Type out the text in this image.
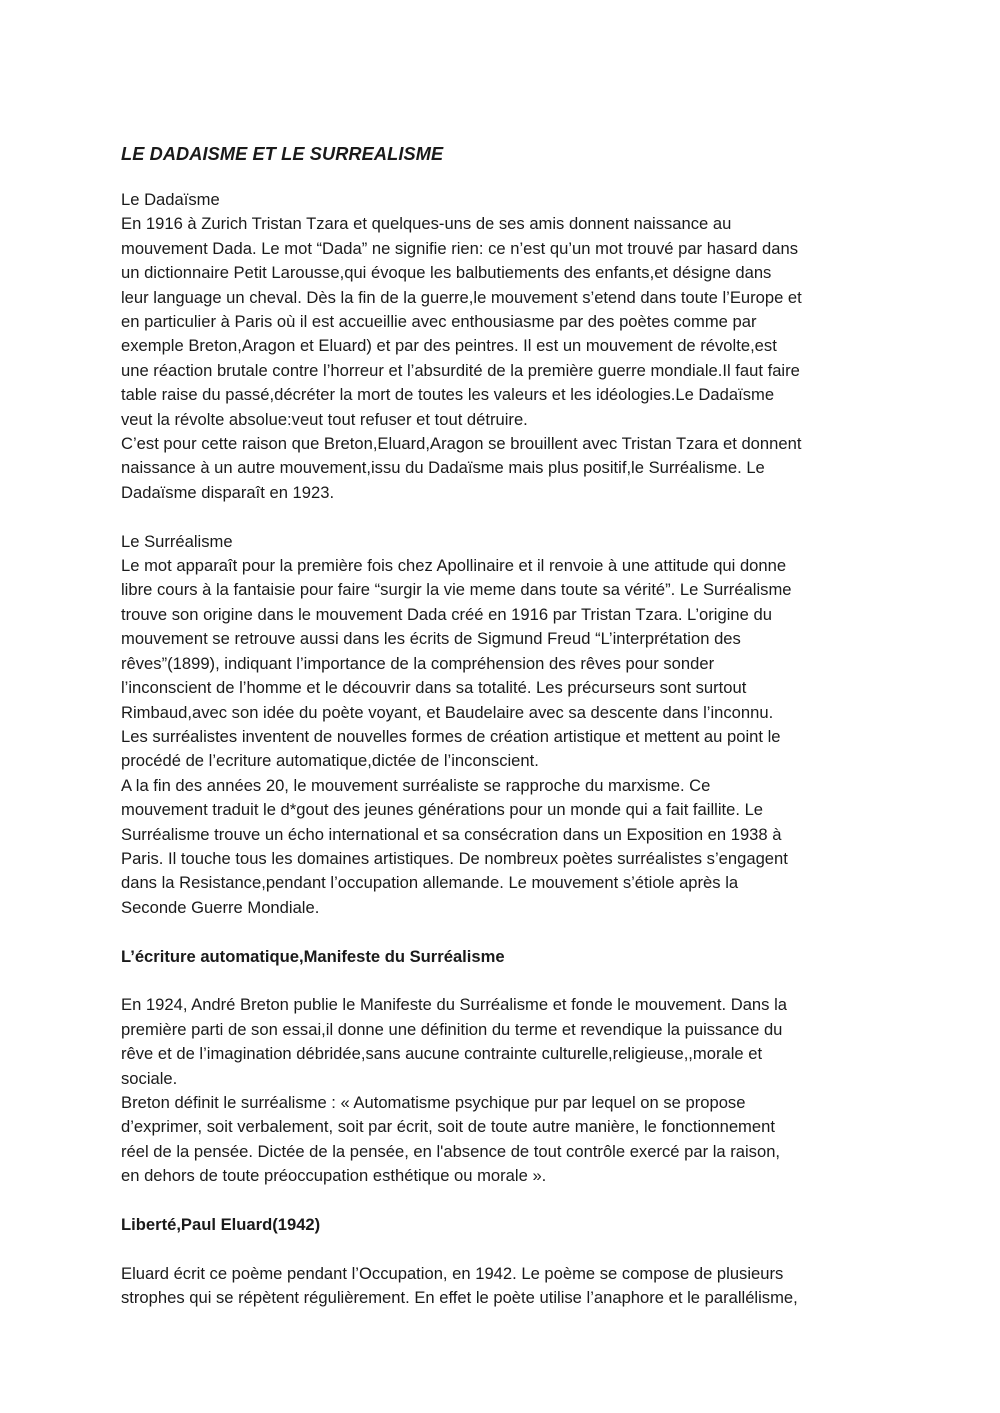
LE DADAISME ET LE SURREALISME
Le Dadaïsme
En 1916 à Zurich Tristan Tzara et quelques-uns de ses amis donnent naissance au
mouvement Dada. Le mot “Dada” ne signifie rien: ce n’est qu’un mot trouvé par hasard dans
un dictionnaire Petit Larousse,qui évoque les balbutiements des enfants,et désigne dans
leur language un cheval. Dès la fin de la guerre,le mouvement s’etend dans toute l’Europe et
en particulier à Paris où il est accueillie avec enthousiasme par des poètes comme par
exemple Breton,Aragon et Eluard) et par des peintres. Il est un mouvement de révolte,est
une réaction brutale contre l’horreur et l’absurdité de la première guerre mondiale.Il faut faire
table raise du passé,décréter la mort de toutes les valeurs et les idéologies.Le Dadaïsme
veut la révolte absolue:veut tout refuser et tout détruire.
C’est pour cette raison que Breton,Eluard,Aragon se brouillent avec Tristan Tzara et donnent
naissance à un autre mouvement,issu du Dadaïsme mais plus positif,le Surréalisme. Le
Dadaïsme disparaît en 1923.
Le Surréalisme
Le mot apparaît pour la première fois chez Apollinaire et il renvoie à une attitude qui donne
libre cours à la fantaisie pour faire “surgir la vie meme dans toute sa vérité”. Le Surréalisme
trouve son origine dans le mouvement Dada créé en 1916 par Tristan Tzara. L’origine du
mouvement se retrouve aussi dans les écrits de Sigmund Freud “L’interprétation des
rêves”(1899), indiquant l’importance de la compréhension des rêves pour sonder
l’inconscient de l’homme et le découvrir dans sa totalité. Les précurseurs sont surtout
Rimbaud,avec son idée du poète voyant, et Baudelaire avec sa descente dans l’inconnu.
Les surréalistes inventent de nouvelles formes de création artistique et mettent au point le
procédé de l’ecriture automatique,dictée de l’inconscient.
A la fin des années 20, le mouvement surréaliste se rapproche du marxisme. Ce
mouvement traduit le d*gout des jeunes générations pour un monde qui a fait faillite. Le
Surréalisme trouve un écho international et sa consécration dans un Exposition en 1938 à
Paris. Il touche tous les domaines artistiques. De nombreux poètes surréalistes s’engagent
dans la Resistance,pendant l’occupation allemande. Le mouvement s’étiole après la
Seconde Guerre Mondiale.
L’écriture automatique,Manifeste du Surréalisme
En 1924, André Breton publie le Manifeste du Surréalisme et fonde le mouvement. Dans la
première parti de son essai,il donne une définition du terme et revendique la puissance du
rêve et de l’imagination débridée,sans aucune contrainte culturelle,religieuse,,morale et
sociale.
Breton définit le surréalisme : « Automatisme psychique pur par lequel on se propose
d’exprimer, soit verbalement, soit par écrit, soit de toute autre manière, le fonctionnement
réel de la pensée. Dictée de la pensée, en l'absence de tout contrôle exercé par la raison,
en dehors de toute préoccupation esthétique ou morale ».
Liberté,Paul Eluard(1942)
Eluard écrit ce poème pendant l’Occupation, en 1942. Le poème se compose de plusieurs
strophes qui se répètent régulièrement. En effet le poète utilise l’anaphore et le parallélisme,
